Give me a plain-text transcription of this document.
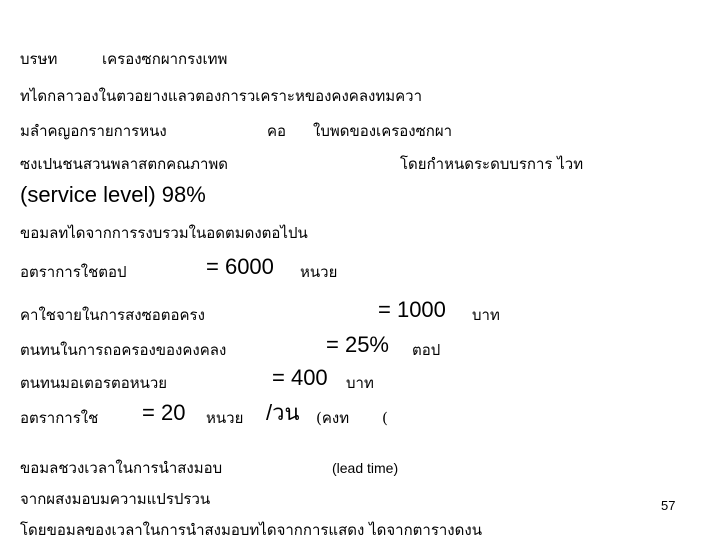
บรษท	เครองซกผากรงเทพ
ทไดกลาวองในตวอยางแลวตองการวเคราะหของคงคลงทมควา
มลำคญอกรายการหนง	คอ ใบพดของเครองซกผา
ซงเปนชนสวนพลาสตกคณภาพด	โดยกำหนดระดบบรการ ไวท
(service level) 98%
ขอมลทไดจากการรงบรวมในอดตมดงตอไปน
อตราการใชตอป	= 6000 หนวย
คาใชจายในการสงซอตอครง	= 1000 บาท
ตนทนในการถอครองของคงคลง	= 25% ตอป
ตนทนมอเตอรตอหนวย	= 400 บาท
อตราการใช = 20 หนวย /วน (คงท (
ขอมลชวงเวลาในการนำสงมอบ	(lead time)
จากผสงมอบมความแปรปรวน
โดยขอมลของเวลาในการนำสงมอบทไดจากการแสดง ไดจากตารางดงน
57
